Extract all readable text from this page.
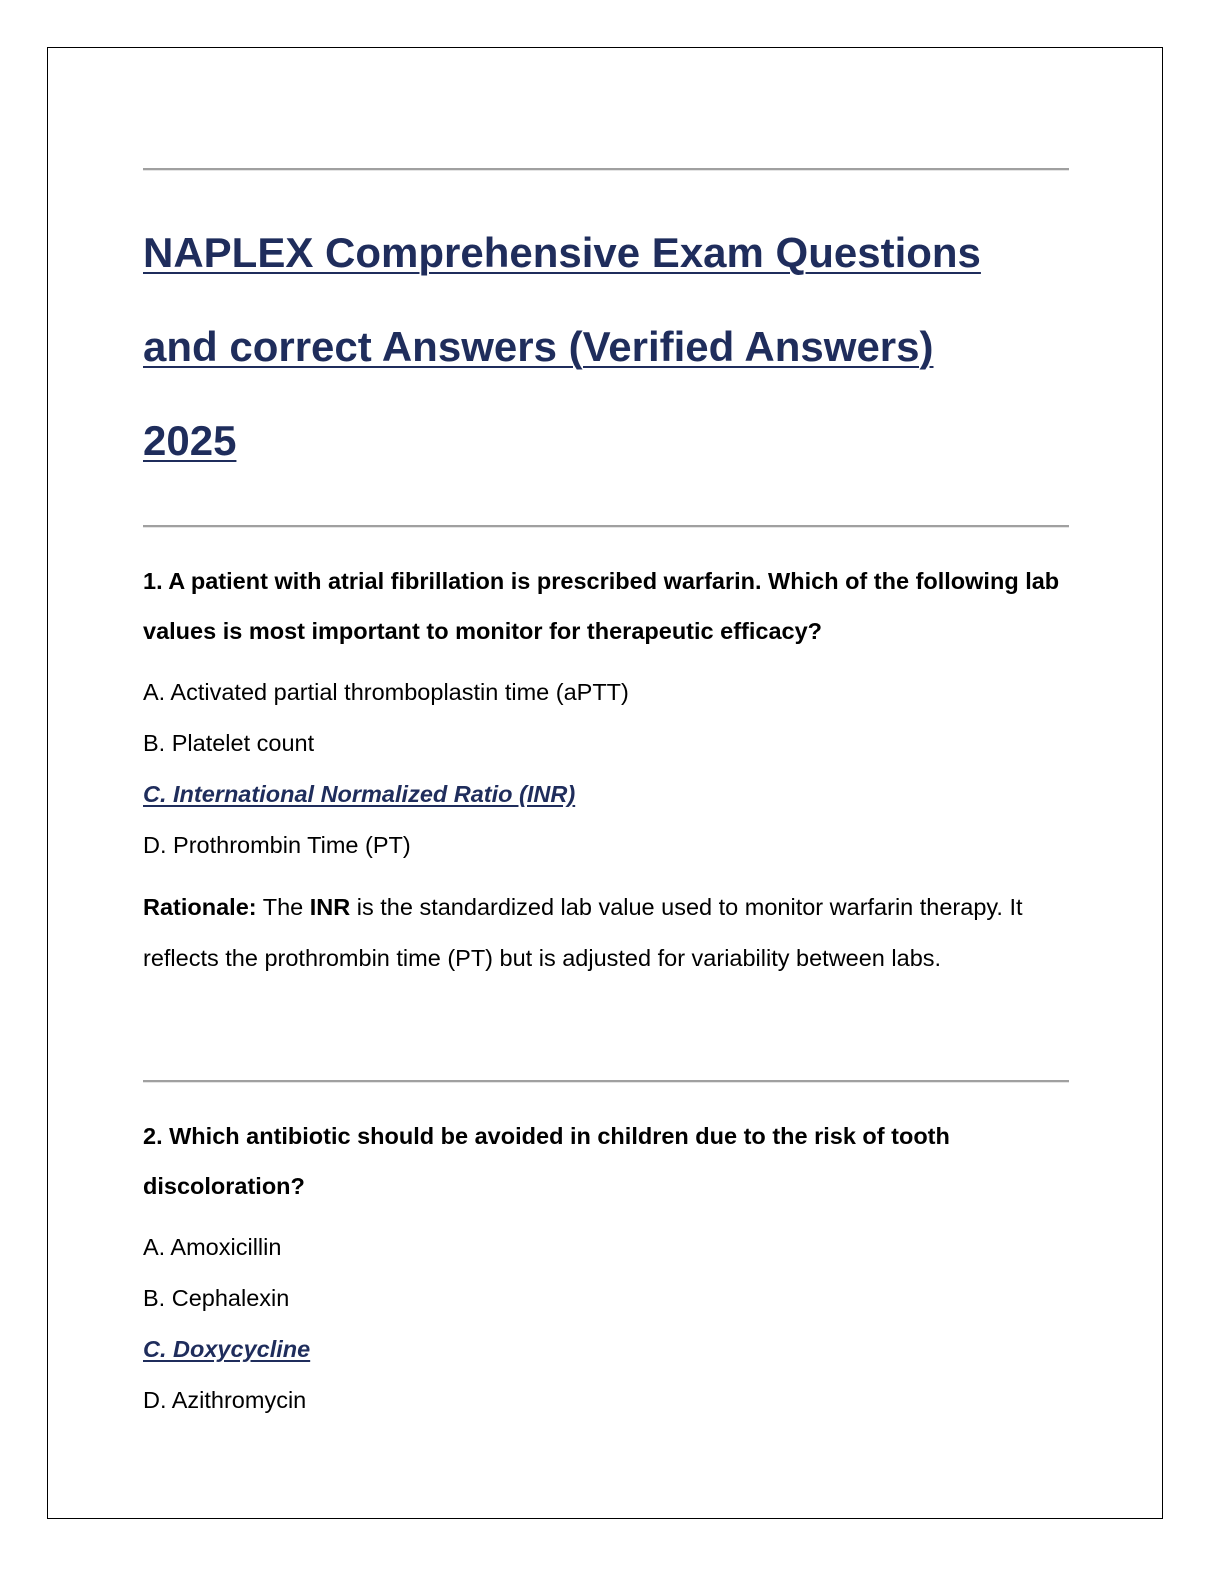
NAPLEX Comprehensive Exam Questions
and correct Answers (Verified Answers)
2025

1. A patient with atrial fibrillation is prescribed warfarin. Which of the following lab values is most important to monitor for therapeutic efficacy?

A. Activated partial thromboplastin time (aPTT)

B. Platelet count

C. International Normalized Ratio (INR)

D. Prothrombin Time (PT)

Rationale: The INR is the standardized lab value used to monitor warfarin therapy. It reflects the prothrombin time (PT) but is adjusted for variability between labs.

2. Which antibiotic should be avoided in children due to the risk of tooth discoloration?

A. Amoxicillin

B. Cephalexin

C. Doxycycline

D. Azithromycin
